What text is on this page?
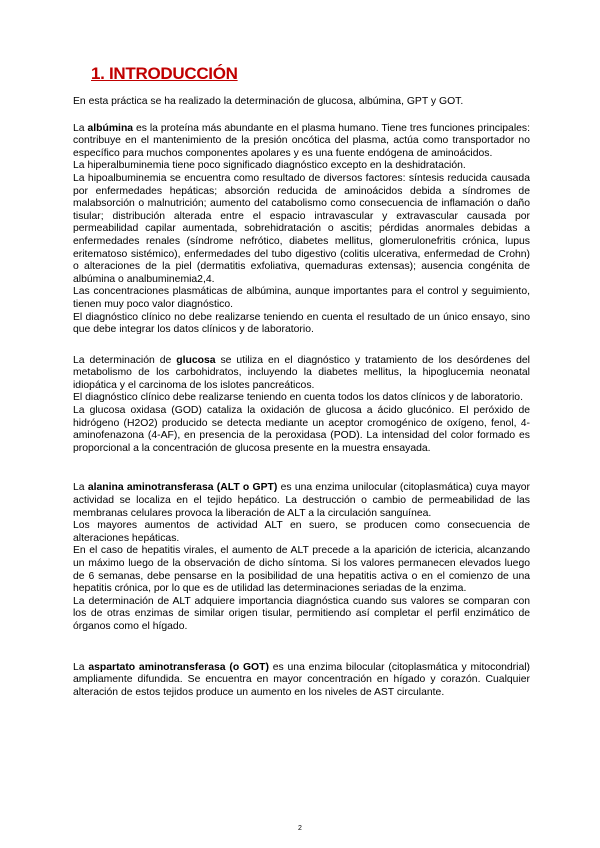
1. INTRODUCCIÓN

En esta práctica se ha realizado la determinación de glucosa, albúmina, GPT y GOT.

La albúmina es la proteína más abundante en el plasma humano. Tiene tres funciones principales: contribuye en el mantenimiento de la presión oncótica del plasma, actúa como transportador no específico para muchos componentes apolares y es una fuente endógena de aminoácidos.

La hiperalbuminemia tiene poco significado diagnóstico excepto en la deshidratación.

La hipoalbuminemia se encuentra como resultado de diversos factores: síntesis reducida causada por enfermedades hepáticas; absorción reducida de aminoácidos debida a síndromes de malabsorción o malnutrición; aumento del catabolismo como consecuencia de inflamación o daño tisular; distribución alterada entre el espacio intravascular y extravascular causada por permeabilidad capilar aumentada, sobrehidratación o ascitis; pérdidas anormales debidas a enfermedades renales (síndrome nefrótico, diabetes mellitus, glomerulonefritis crónica, lupus eritematoso sistémico), enfermedades del tubo digestivo (colitis ulcerativa, enfermedad de Crohn) o alteraciones de la piel (dermatitis exfoliativa, quemaduras extensas); ausencia congénita de albúmina o analbuminemia2,4.

Las concentraciones plasmáticas de albúmina, aunque importantes para el control y seguimiento, tienen muy poco valor diagnóstico.

El diagnóstico clínico no debe realizarse teniendo en cuenta el resultado de un único ensayo, sino que debe integrar los datos clínicos y de laboratorio.

La determinación de glucosa se utiliza en el diagnóstico y tratamiento de los desórdenes del metabolismo de los carbohidratos, incluyendo la diabetes mellitus, la hipoglucemia neonatal idiopática y el carcinoma de los islotes pancreáticos.

El diagnóstico clínico debe realizarse teniendo en cuenta todos los datos clínicos y de laboratorio.

La glucosa oxidasa (GOD) cataliza la oxidación de glucosa a ácido glucónico. El peróxido de hidrógeno (H2O2) producido se detecta mediante un aceptor cromogénico de oxígeno, fenol, 4-aminofenazona (4-AF), en presencia de la peroxidasa (POD). La intensidad del color formado es proporcional a la concentración de glucosa presente en la muestra ensayada.

La alanina aminotransferasa (ALT o GPT) es una enzima unilocular (citoplasmática) cuya mayor actividad se localiza en el tejido hepático. La destrucción o cambio de permeabilidad de las membranas celulares provoca la liberación de ALT a la circulación sanguínea.

Los mayores aumentos de actividad ALT en suero, se producen como consecuencia de alteraciones hepáticas.

En el caso de hepatitis virales, el aumento de ALT precede a la aparición de ictericia, alcanzando un máximo luego de la observación de dicho síntoma. Si los valores permanecen elevados luego de 6 semanas, debe pensarse en la posibilidad de una hepatitis activa o en el comienzo de una hepatitis crónica, por lo que es de utilidad las determinaciones seriadas de la enzima.

La determinación de ALT adquiere importancia diagnóstica cuando sus valores se comparan con los de otras enzimas de similar origen tisular, permitiendo así completar el perfil enzimático de órganos como el hígado.

La aspartato aminotransferasa (o GOT) es una enzima bilocular (citoplasmática y mitocondrial) ampliamente difundida. Se encuentra en mayor concentración en hígado y corazón. Cualquier alteración de estos tejidos produce un aumento en los niveles de AST circulante.

2
